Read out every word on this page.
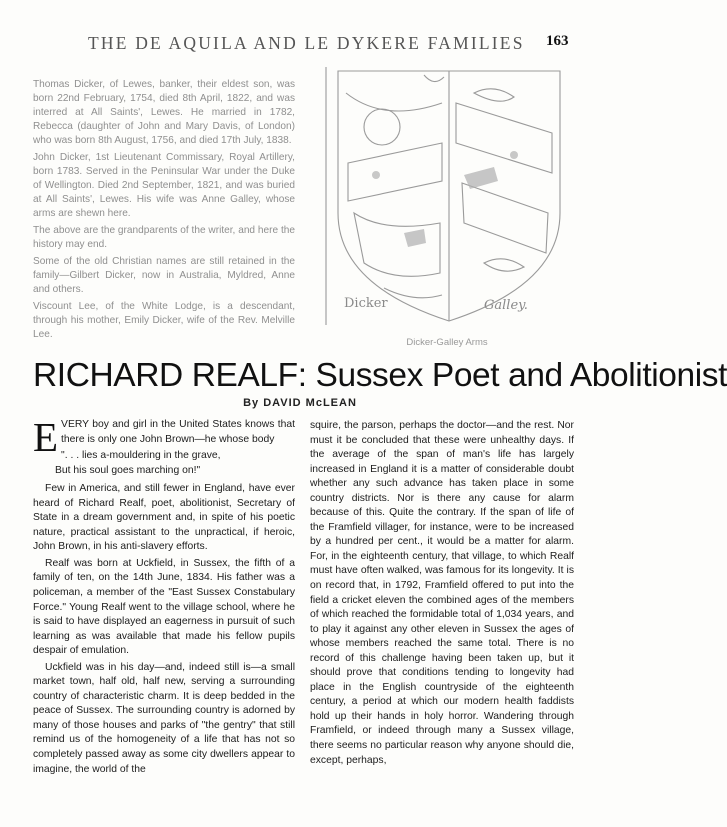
THE DE AQUILA AND LE DYKERE FAMILIES 163

Thomas Dicker, of Lewes, banker, their eldest son, was born 22nd February, 1754, died 8th April, 1822, and was interred at All Saints', Lewes. He married in 1782, Rebecca (daughter of John and Mary Davis, of London) who was born 8th August, 1756, and died 17th July, 1838.

John Dicker, 1st Lieutenant Commissary, Royal Artillery, born 1783. Served in the Peninsular War under the Duke of Wellington. Died 2nd September, 1821, and was buried at All Saints', Lewes. His wife was Anne Galley, whose arms are shewn here.

The above are the grandparents of the writer, and here the history may end.

Some of the old Christian names are still retained in the family—Gilbert Dicker, now in Australia, Myldred, Anne and others.

Viscount Lee, of the White Lodge, is a descendant, through his mother, Emily Dicker, wife of the Rev. Melville Lee.

Dicker	Galley.
Dicker-Galley Arms
RICHARD REALF: Sussex Poet and Abolitionist
By DAVID McLEAN

EVERY boy and girl in the United States knows that there is only one John Brown—he whose body

". . . lies a-mouldering in the grave,
But his soul goes marching on!"

Few in America, and still fewer in England, have ever heard of Richard Realf, poet, abolitionist, Secretary of State in a dream government and, in spite of his poetic nature, practical assistant to the unpractical, if heroic, John Brown, in his anti-slavery efforts.

Realf was born at Uckfield, in Sussex, the fifth of a family of ten, on the 14th June, 1834. His father was a policeman, a member of the "East Sussex Constabulary Force." Young Realf went to the village school, where he is said to have displayed an eagerness in pursuit of such learning as was available that made his fellow pupils despair of emulation.

Uckfield was in his day—and, indeed still is—a small market town, half old, half new, serving a surrounding country of characteristic charm. It is deep bedded in the peace of Sussex. The surrounding country is adorned by many of those houses and parks of "the gentry" that still remind us of the homogeneity of a life that has not so completely passed away as some city dwellers appear to imagine, the world of the

squire, the parson, perhaps the doctor—and the rest. Nor must it be concluded that these were unhealthy days. If the average of the span of man's life has largely increased in England it is a matter of considerable doubt whether any such advance has taken place in some country districts. Nor is there any cause for alarm because of this. Quite the contrary. If the span of life of the Framfield villager, for instance, were to be increased by a hundred per cent., it would be a matter for alarm. For, in the eighteenth century, that village, to which Realf must have often walked, was famous for its longevity. It is on record that, in 1792, Framfield offered to put into the field a cricket eleven the combined ages of the members of which reached the formidable total of 1,034 years, and to play it against any other eleven in Sussex the ages of whose members reached the same total. There is no record of this challenge having been taken up, but it should prove that conditions tending to longevity had place in the English countryside of the eighteenth century, a period at which our modern health faddists hold up their hands in holy horror. Wandering through Framfield, or indeed through many a Sussex village, there seems no particular reason why anyone should die, except, perhaps,
